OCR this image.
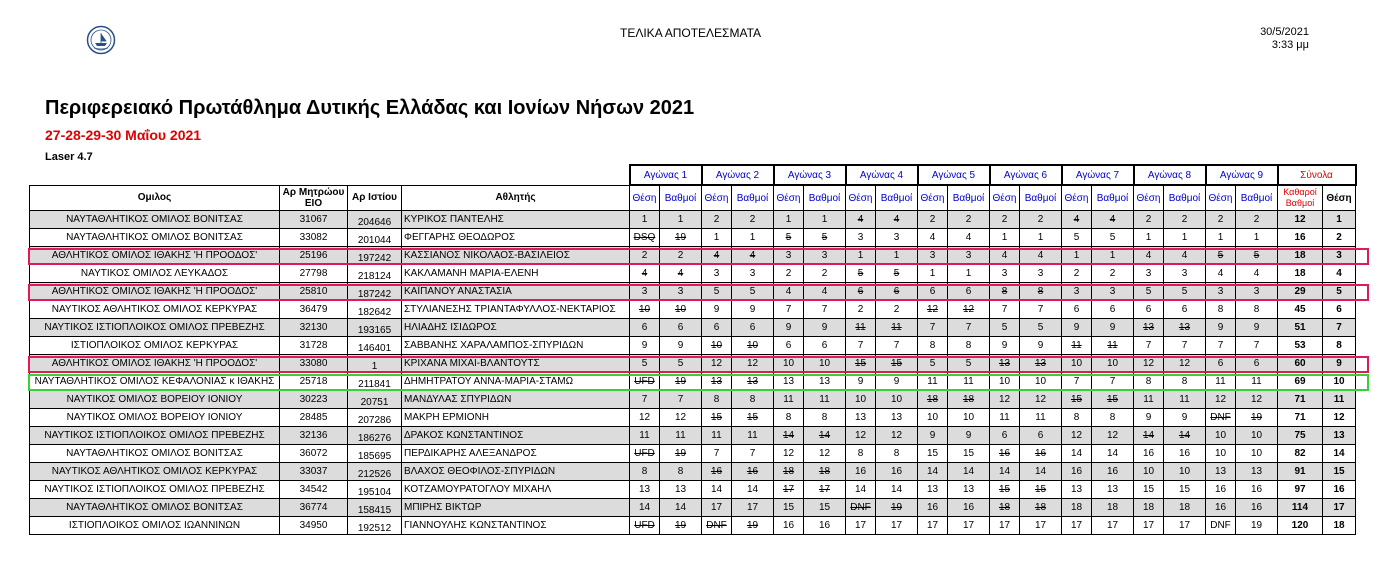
ΤΕΛΙΚΑ ΑΠΟΤΕΛΕΣΜΑΤΑ	30/5/2021
3:33 μμ
Περιφερειακό Πρωτάθλημα Δυτικής Ελλάδας και Ιονίων Νήσων 2021
27-28-29-30 Μαΐου 2021
Laser 4.7
				Αγώνας 1		Αγώνας 2		Αγώνας 3		Αγώνας 4		Αγώνας 5		Αγώνας 6		Αγώνας 7		Αγώνας 8		Αγώνας 9		Σύνολα	
Ομιλος	Αρ Μητρώου ΕΙΟ	Αρ Ιστίου	Αθλητής	Θέση	Βαθμοί	Θέση	Βαθμοί	Θέση	Βαθμοί	Θέση	Βαθμοί	Θέση	Βαθμοί	Θέση	Βαθμοί	Θέση	Βαθμοί	Θέση	Βαθμοί	Θέση	Βαθμοί	Καθαροί Βαθμοί	Θέση
ΝΑΥΤΑΘΛΗΤΙΚΟΣ ΟΜΙΛΟΣ ΒΟΝΙΤΣΑΣ	31067	204646	ΚΥΡΙΚΟΣ ΠΑΝΤΕΛΗΣ	1	1	2	2	1	1	4	4	2	2	2	2	4	4	2	2	2	2	12	1
ΝΑΥΤΑΘΛΗΤΙΚΟΣ ΟΜΙΛΟΣ ΒΟΝΙΤΣΑΣ	33082	201044	ΦΕΓΓΑΡΗΣ ΘΕΟΔΩΡΟΣ	DSQ	19	1	1	5	5	3	3	4	4	1	1	5	5	1	1	1	1	16	2
ΑΘΛΗΤΙΚΟΣ ΟΜΙΛΟΣ ΙΘΑΚΗΣ 'Η ΠΡΟΟΔΟΣ'	25196	197242	ΚΑΣΣΙΑΝΟΣ ΝΙΚΟΛΑΟΣ-ΒΑΣΙΛΕΙΟΣ	2	2	4	4	3	3	1	1	3	3	4	4	1	1	4	4	5	5	18	3
ΝΑΥΤΙΚΟΣ ΟΜΙΛΟΣ ΛΕΥΚΑΔΟΣ	27798	218124	ΚΑΚΛΑΜΑΝΗ ΜΑΡΙΑ-ΕΛΕΝΗ	4	4	3	3	2	2	5	5	1	1	3	3	2	2	3	3	4	4	18	4
ΑΘΛΗΤΙΚΟΣ ΟΜΙΛΟΣ ΙΘΑΚΗΣ 'Η ΠΡΟΟΔΟΣ'	25810	187242	ΚΑΪΠΑΝΟΥ ΑΝΑΣΤΑΣΙΑ	3	3	5	5	4	4	6	6	6	6	8	8	3	3	5	5	3	3	29	5
ΝΑΥΤΙΚΟΣ ΑΘΛΗΤΙΚΟΣ ΟΜΙΛΟΣ ΚΕΡΚΥΡΑΣ	36479	182642	ΣΤΥΛΙΑΝΕΣΗΣ ΤΡΙΑΝΤΑΦΥΛΛΟΣ-ΝΕΚΤΑΡΙΟΣ	10	10	9	9	7	7	2	2	12	12	7	7	6	6	6	6	8	8	45	6
ΝΑΥΤΙΚΟΣ ΙΣΤΙΟΠΛΟΙΚΟΣ ΟΜΙΛΟΣ ΠΡΕΒΕΖΗΣ	32130	193165	ΗΛΙΑΔΗΣ ΙΣΙΔΩΡΟΣ	6	6	6	6	9	9	11	11	7	7	5	5	9	9	13	13	9	9	51	7
ΙΣΤΙΟΠΛΟΙΚΟΣ ΟΜΙΛΟΣ ΚΕΡΚΥΡΑΣ	31728	146401	ΣΑΒΒΑΝΗΣ ΧΑΡΑΛΑΜΠΟΣ-ΣΠΥΡΙΔΩΝ	9	9	10	10	6	6	7	7	8	8	9	9	11	11	7	7	7	7	53	8
ΑΘΛΗΤΙΚΟΣ ΟΜΙΛΟΣ ΙΘΑΚΗΣ 'Η ΠΡΟΟΔΟΣ'	33080	1	ΚΡΙΧΑΝΑ ΜΙΧΑΙ-ΒΛΑΝΤΟΥΤΣ	5	5	12	12	10	10	15	15	5	5	13	13	10	10	12	12	6	6	60	9
ΝΑΥΤΑΘΛΗΤΙΚΟΣ ΟΜΙΛΟΣ ΚΕΦΑΛΟΝΙΑΣ κ ΙΘΑΚΗΣ	25718	211841	ΔΗΜΗΤΡΑΤΟΥ ΑΝΝΑ-ΜΑΡΙΑ-ΣΤΑΜΩ	UFD	19	13	13	13	13	9	9	11	11	10	10	7	7	8	8	11	11	69	10
ΝΑΥΤΙΚΟΣ ΟΜΙΛΟΣ ΒΟΡΕΙΟΥ ΙΟΝΙΟΥ	30223	20751	ΜΑΝΔΥΛΑΣ ΣΠΥΡΙΔΩΝ	7	7	8	8	11	11	10	10	18	18	12	12	15	15	11	11	12	12	71	11
ΝΑΥΤΙΚΟΣ ΟΜΙΛΟΣ ΒΟΡΕΙΟΥ ΙΟΝΙΟΥ	28485	207286	ΜΑΚΡΗ ΕΡΜΙΟΝΗ	12	12	15	15	8	8	13	13	10	10	11	11	8	8	9	9	DNF	19	71	12
ΝΑΥΤΙΚΟΣ ΙΣΤΙΟΠΛΟΙΚΟΣ ΟΜΙΛΟΣ ΠΡΕΒΕΖΗΣ	32136	186276	ΔΡΑΚΟΣ ΚΩΝΣΤΑΝΤΙΝΟΣ	11	11	11	11	14	14	12	12	9	9	6	6	12	12	14	14	10	10	75	13
ΝΑΥΤΑΘΛΗΤΙΚΟΣ ΟΜΙΛΟΣ ΒΟΝΙΤΣΑΣ	36072	185695	ΠΕΡΔΙΚΑΡΗΣ ΑΛΕΞΑΝΔΡΟΣ	UFD	19	7	7	12	12	8	8	15	15	16	16	14	14	16	16	10	10	82	14
ΝΑΥΤΙΚΟΣ ΑΘΛΗΤΙΚΟΣ ΟΜΙΛΟΣ ΚΕΡΚΥΡΑΣ	33037	212526	ΒΛΑΧΟΣ ΘΕΟΦΙΛΟΣ-ΣΠΥΡΙΔΩΝ	8	8	16	16	18	18	16	16	14	14	14	14	16	16	10	10	13	13	91	15
ΝΑΥΤΙΚΟΣ ΙΣΤΙΟΠΛΟΙΚΟΣ ΟΜΙΛΟΣ ΠΡΕΒΕΖΗΣ	34542	195104	ΚΟΤΖΑΜΟΥΡΑΤΟΓΛΟΥ ΜΙΧΑΗΛ	13	13	14	14	17	17	14	14	13	13	15	15	13	13	15	15	16	16	97	16
ΝΑΥΤΑΘΛΗΤΙΚΟΣ ΟΜΙΛΟΣ ΒΟΝΙΤΣΑΣ	36774	158415	ΜΠΙΡΗΣ ΒΙΚΤΩΡ	14	14	17	17	15	15	DNF	19	16	16	18	18	18	18	18	18	16	16	114	17
ΙΣΤΙΟΠΛΟΙΚΟΣ ΟΜΙΛΟΣ ΙΩΑΝΝΙΝΩΝ	34950	192512	ΓΙΑΝΝΟΥΛΗΣ ΚΩΝΣΤΑΝΤΙΝΟΣ	UFD	19	DNF	19	16	16	17	17	17	17	17	17	17	17	17	17	DNF	19	120	18
